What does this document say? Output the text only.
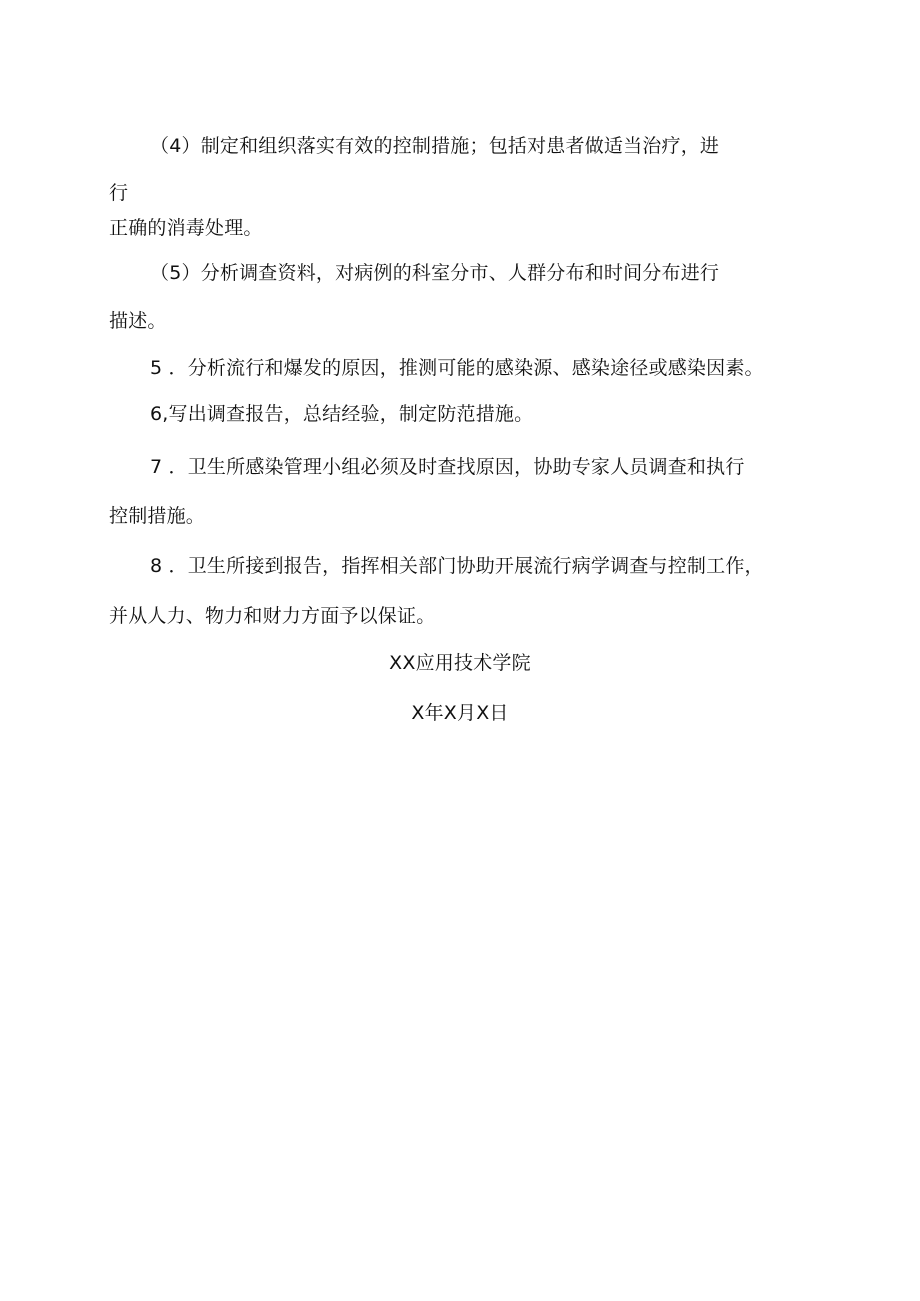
（4）制定和组织落实有效的控制措施；包括对患者做适当治疗，进
行
正确的消毒处理。
（5）分析调查资料，对病例的科室分市、人群分布和时间分布进行
描述。
5 ．分析流行和爆发的原因，推测可能的感染源、感染途径或感染因素。
6,写出调查报告，总结经验，制定防范措施。
7 ．卫生所感染管理小组必须及时查找原因，协助专家人员调查和执行
控制措施。
8 ．卫生所接到报告，指挥相关部门协助开展流行病学调查与控制工作，
并从人力、物力和财力方面予以保证。
XX应用技术学院
X年X月X日
